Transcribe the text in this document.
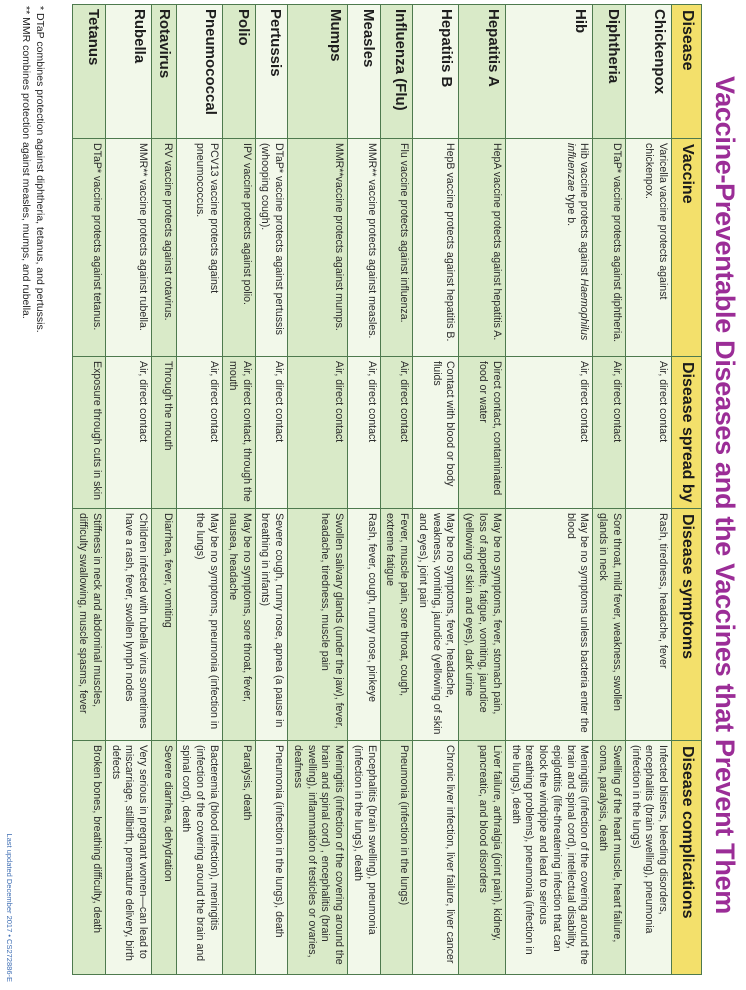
Vaccine-Preventable Diseases and the Vaccines that Prevent Them
Disease	Vaccine	Disease spread by	Disease symptoms	Disease complications
Chickenpox	Varicella vaccine protects against chickenpox.	Air, direct contact	Rash, tiredness, headache, fever	Infected blisters, bleeding disorders, encephalitis (brain swelling), pneumonia (infection in the lungs)
Diphtheria	DTaP* vaccine protects against diphtheria.	Air, direct contact	Sore throat, mild fever, weakness, swollen glands in neck	Swelling of the heart muscle, heart failure, coma, paralysis, death
Hib	Hib vaccine protects against Haemophilus influenzae type b.	Air, direct contact	May be no symptoms unless bacteria enter the blood	Meningitis (infection of the covering around the brain and spinal cord), intellectual disability, epiglottitis (life-threatening infection that can block the windpipe and lead to serious breathing problems), pneumonia (infection in the lungs), death
Hepatitis A	HepA vaccine protects against hepatitis A.	Direct contact, contaminated food or water	May be no symptoms, fever, stomach pain, loss of appetite, fatigue, vomiting, jaundice (yellowing of skin and eyes), dark urine	Liver failure, arthralgia (joint pain), kidney, pancreatic, and blood disorders
Hepatitis B	HepB vaccine protects against hepatitis B.	Contact with blood or body fluids	May be no symptoms, fever, headache, weakness, vomiting, jaundice (yellowing of skin and eyes), joint pain	Chronic liver infection, liver failure, liver cancer
Influenza (Flu)	Flu vaccine protects against influenza.	Air, direct contact	Fever, muscle pain, sore throat, cough, extreme fatigue	Pneumonia (infection in the lungs)
Measles	MMR** vaccine protects against measles.	Air, direct contact	Rash, fever, cough, runny nose, pinkeye	Encephalitis (brain swelling), pneumonia (infection in the lungs), death
Mumps	MMR**vaccine protects against mumps.	Air, direct contact	Swollen salivary glands (under the jaw), fever, headache, tiredness, muscle pain	Meningitis (infection of the covering around the brain and spinal cord) , encephalitis (brain swelling), inflammation of testicles or ovaries, deafness
Pertussis	DTaP* vaccine protects against pertussis (whooping cough).	Air, direct contact	Severe cough, runny nose, apnea (a pause in breathing in infants)	Pneumonia (infection in the lungs), death
Polio	IPV vaccine protects against polio.	Air, direct contact, through the mouth	May be no symptoms, sore throat, fever, nausea, headache	Paralysis, death
Pneumococcal	PCV13 vaccine protects against pneumococcus.	Air, direct contact	May be no symptoms, pneumonia (infection in the lungs)	Bacteremia (blood infection), meningitis (infection of the covering around the brain and spinal cord), death
Rotavirus	RV vaccine protects against rotavirus.	Through the mouth	Diarrhea, fever, vomiting	Severe diarrhea, dehydration
Rubella	MMR** vaccine protects against rubella.	Air, direct contact	Children infected with rubella virus sometimes have a rash, fever, swollen lymph nodes	Very serious in pregnant women—can lead to miscarriage, stillbirth, premature delivery, birth defects
Tetanus	DTaP* vaccine protects against tetanus.	Exposure through cuts in skin	Stiffness in neck and abdominal muscles, difficulty swallowing, muscle spasms, fever	Broken bones, breathing difficulty, death
* DTaP combines protection against diphtheria, tetanus, and pertussis.
** MMR combines protection against measles, mumps, and rubella.
Last updated December 2017 • CS272886-E
